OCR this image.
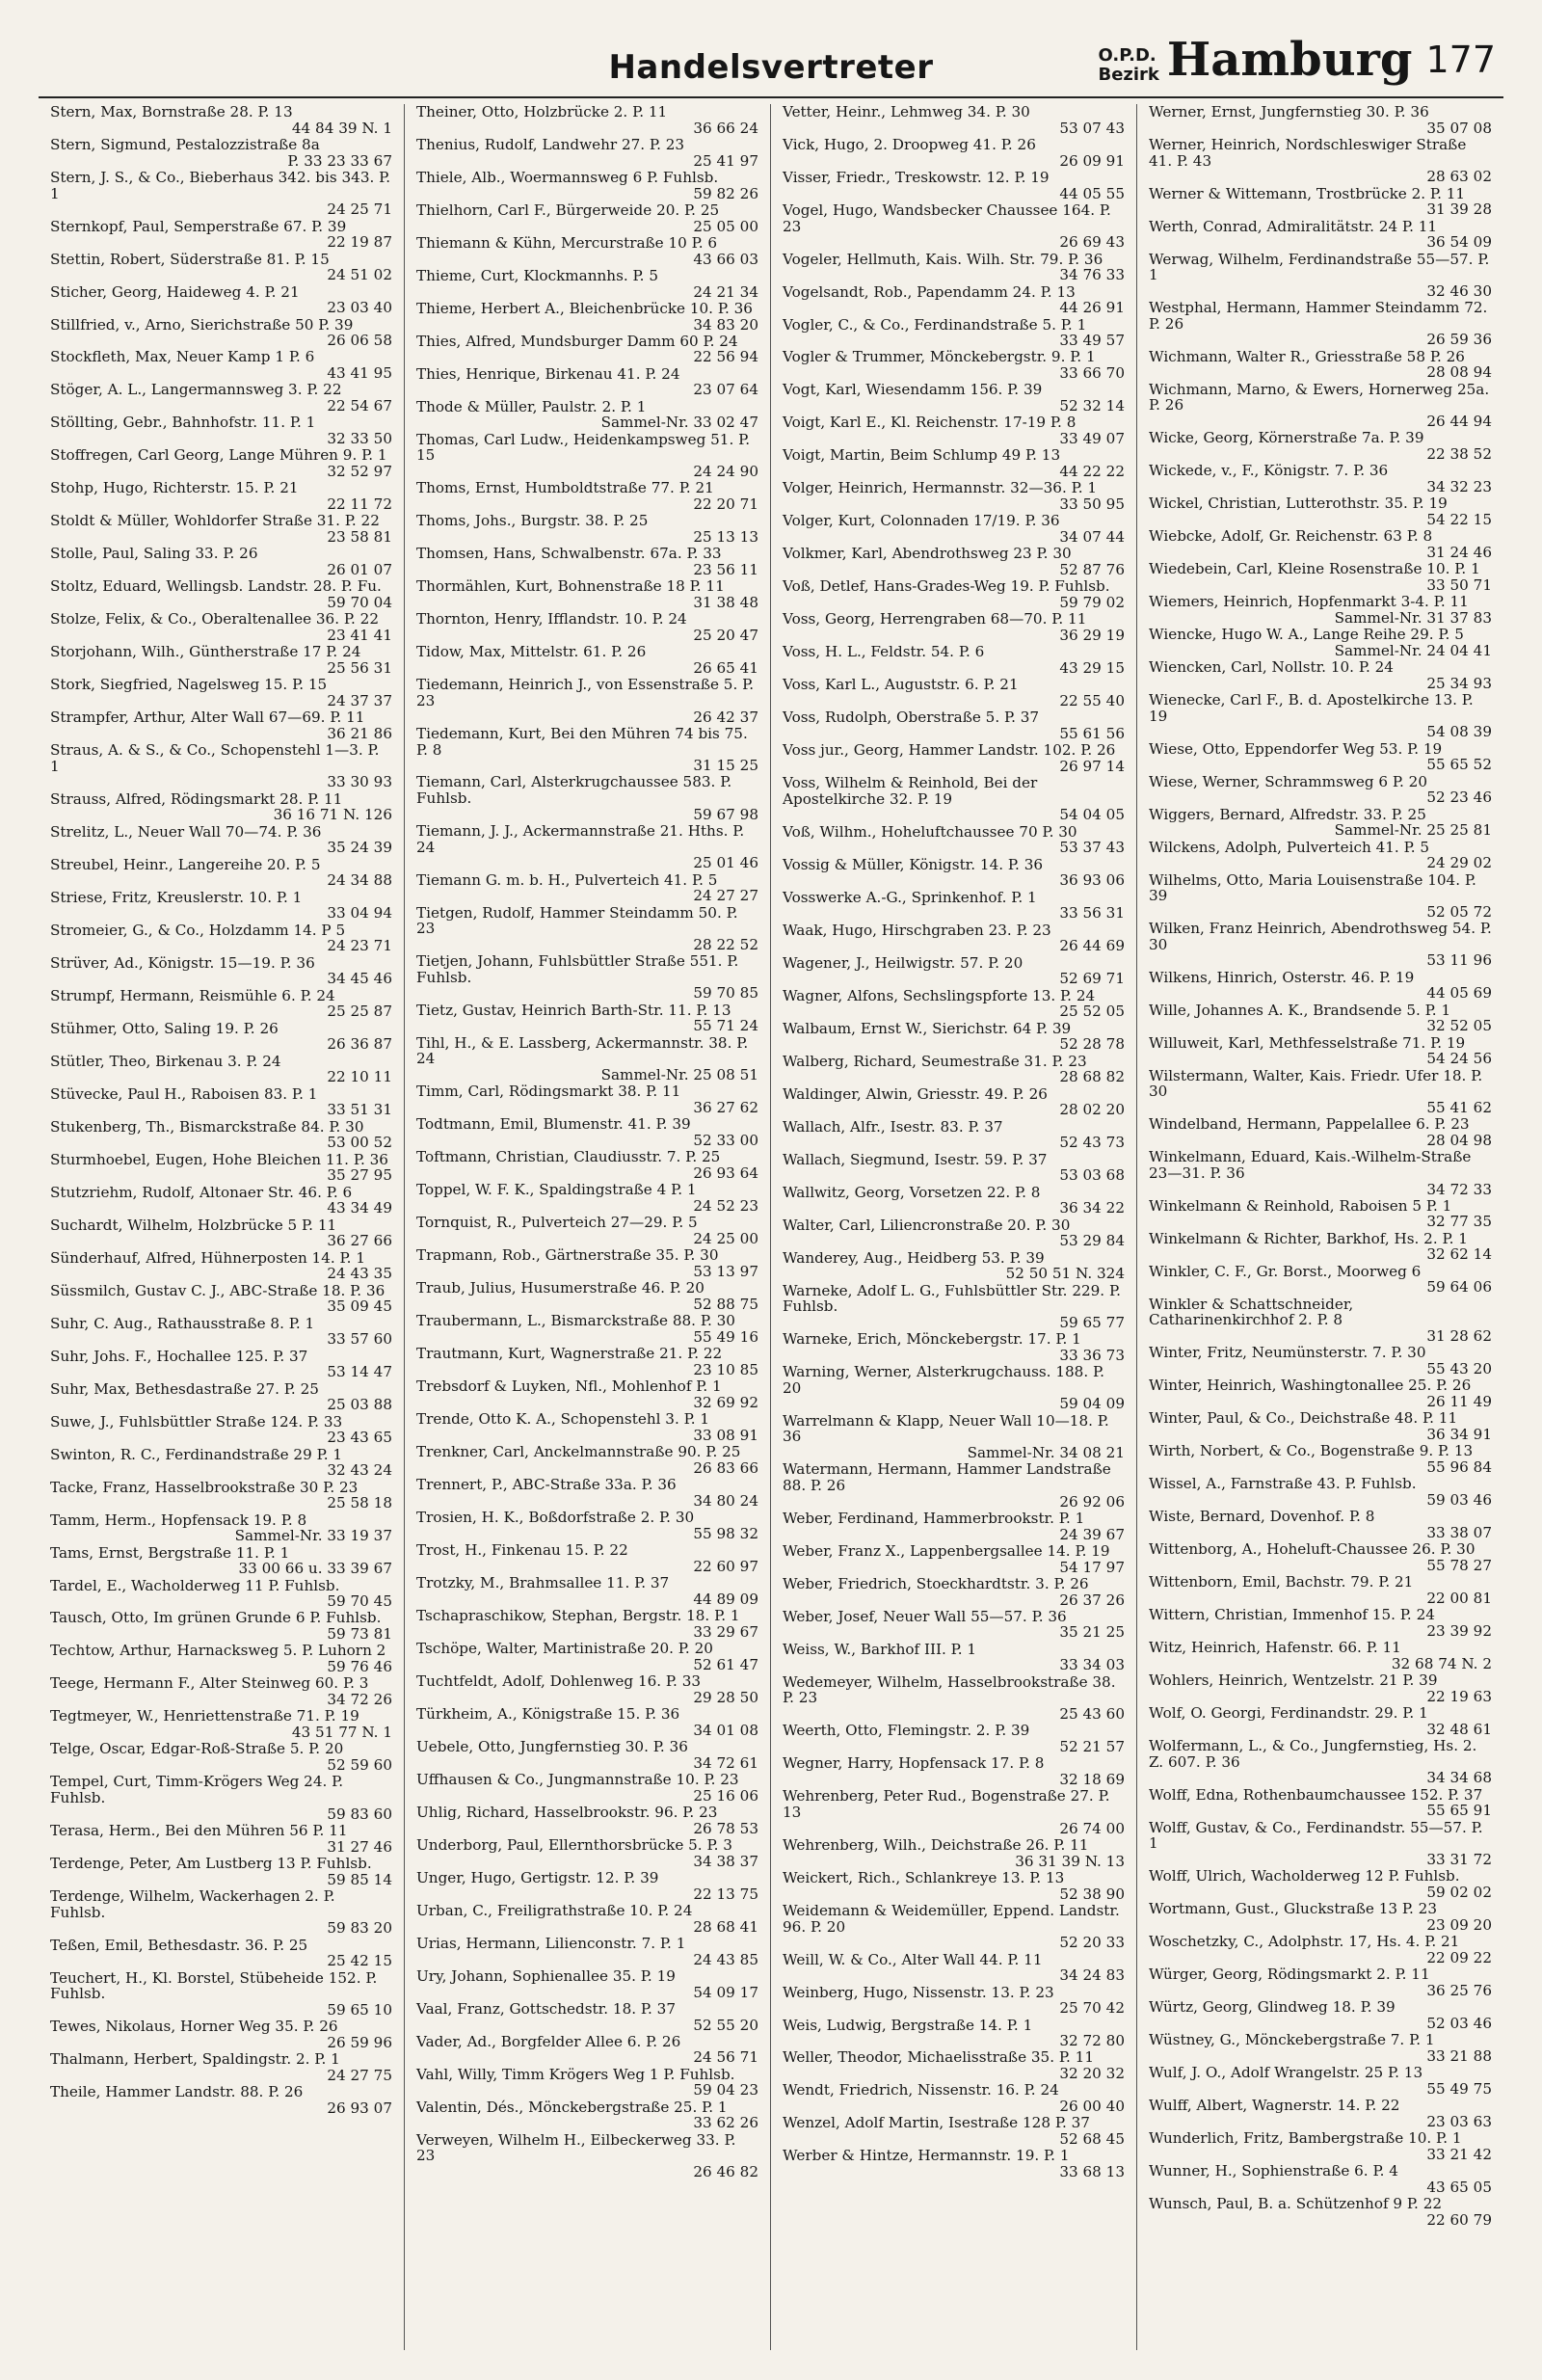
Handelsvertreter	O.P.D.
Bezirk Hamburg 177
Stern, Max, Bornstraße 28. P. 13
44 84 39 N. 1
Stern, Sigmund, Pestalozzistraße 8a
P. 33 23 33 67
Stern, J. S., & Co., Bieberhaus 342. bis 343. P. 1
24 25 71
Sternkopf, Paul, Semperstraße 67. P. 39
22 19 87
Stettin, Robert, Süderstraße 81. P. 15
24 51 02
Sticher, Georg, Haideweg 4. P. 21
23 03 40
Stillfried, v., Arno, Sierichstraße 50 P. 39
26 06 58
Stockfleth, Max, Neuer Kamp 1 P. 6
43 41 95
Stöger, A. L., Langermannsweg 3. P. 22
22 54 67
Stöllting, Gebr., Bahnhofstr. 11. P. 1
32 33 50
Stoffregen, Carl Georg, Lange Mühren 9. P. 1
32 52 97
Stohp, Hugo, Richterstr. 15. P. 21
22 11 72
Stoldt & Müller, Wohldorfer Straße 31. P. 22
23 58 81
Stolle, Paul, Saling 33. P. 26
26 01 07
Stoltz, Eduard, Wellingsb. Landstr. 28. P. Fu.
59 70 04
Stolze, Felix, & Co., Oberaltenallee 36. P. 22
23 41 41
Storjohann, Wilh., Güntherstraße 17 P. 24
25 56 31
Stork, Siegfried, Nagelsweg 15. P. 15
24 37 37
Strampfer, Arthur, Alter Wall 67—69. P. 11
36 21 86
Straus, A. & S., & Co., Schopenstehl 1—3. P. 1
33 30 93
Strauss, Alfred, Rödingsmarkt 28. P. 11
36 16 71 N. 126
Strelitz, L., Neuer Wall 70—74. P. 36
35 24 39
Streubel, Heinr., Langereihe 20. P. 5
24 34 88
Striese, Fritz, Kreuslerstr. 10. P. 1
33 04 94
Stromeier, G., & Co., Holzdamm 14. P 5
24 23 71
Strüver, Ad., Königstr. 15—19. P. 36
34 45 46
Strumpf, Hermann, Reismühle 6. P. 24
25 25 87
Stühmer, Otto, Saling 19. P. 26
26 36 87
Stütler, Theo, Birkenau 3. P. 24
22 10 11
Stüvecke, Paul H., Raboisen 83. P. 1
33 51 31
Stukenberg, Th., Bismarckstraße 84. P. 30
53 00 52
Sturmhoebel, Eugen, Hohe Bleichen 11. P. 36
35 27 95
Stutzriehm, Rudolf, Altonaer Str. 46. P. 6
43 34 49
Suchardt, Wilhelm, Holzbrücke 5 P. 11
36 27 66
Sünderhauf, Alfred, Hühnerposten 14. P. 1
24 43 35
Süssmilch, Gustav C. J., ABC-Straße 18. P. 36
35 09 45
Suhr, C. Aug., Rathausstraße 8. P. 1
33 57 60
Suhr, Johs. F., Hochallee 125. P. 37
53 14 47
Suhr, Max, Bethesdastraße 27. P. 25
25 03 88
Suwe, J., Fuhlsbüttler Straße 124. P. 33
23 43 65
Swinton, R. C., Ferdinandstraße 29 P. 1
32 43 24
Tacke, Franz, Hasselbrookstraße 30 P. 23
25 58 18
Tamm, Herm., Hopfensack 19. P. 8
Sammel-Nr. 33 19 37
Tams, Ernst, Bergstraße 11. P. 1
33 00 66 u. 33 39 67
Tardel, E., Wacholderweg 11 P. Fuhlsb.
59 70 45
Tausch, Otto, Im grünen Grunde 6 P. Fuhlsb.
59 73 81
Techtow, Arthur, Harnacksweg 5. P. Luhorn 2
59 76 46
Teege, Hermann F., Alter Steinweg 60. P. 3
34 72 26
Tegtmeyer, W., Henriettenstraße 71. P. 19
43 51 77 N. 1
Telge, Oscar, Edgar-Roß-Straße 5. P. 20
52 59 60
Tempel, Curt, Timm-Krögers Weg 24. P. Fuhlsb.
59 83 60
Terasa, Herm., Bei den Mühren 56 P. 11
31 27 46
Terdenge, Peter, Am Lustberg 13 P. Fuhlsb.
59 85 14
Terdenge, Wilhelm, Wackerhagen 2. P. Fuhlsb.
59 83 20
Teßen, Emil, Bethesdastr. 36. P. 25
25 42 15
Teuchert, H., Kl. Borstel, Stübeheide 152. P. Fuhlsb.
59 65 10
Tewes, Nikolaus, Horner Weg 35. P. 26
26 59 96
Thalmann, Herbert, Spaldingstr. 2. P. 1
24 27 75
Theile, Hammer Landstr. 88. P. 26
26 93 07
Theiner, Otto, Holzbrücke 2. P. 11
36 66 24
Thenius, Rudolf, Landwehr 27. P. 23
25 41 97
Thiele, Alb., Woermannsweg 6 P. Fuhlsb.
59 82 26
Thielhorn, Carl F., Bürgerweide 20. P. 25
25 05 00
Thiemann & Kühn, Mercurstraße 10 P. 6
43 66 03
Thieme, Curt, Klockmannhs. P. 5
24 21 34
Thieme, Herbert A., Bleichenbrücke 10. P. 36
34 83 20
Thies, Alfred, Mundsburger Damm 60 P. 24
22 56 94
Thies, Henrique, Birkenau 41. P. 24
23 07 64
Thode & Müller, Paulstr. 2. P. 1
Sammel-Nr. 33 02 47
Thomas, Carl Ludw., Heidenkampsweg 51. P. 15
24 24 90
Thoms, Ernst, Humboldtstraße 77. P. 21
22 20 71
Thoms, Johs., Burgstr. 38. P. 25
25 13 13
Thomsen, Hans, Schwalbenstr. 67a. P. 33
23 56 11
Thormählen, Kurt, Bohnenstraße 18 P. 11
31 38 48
Thornton, Henry, Ifflandstr. 10. P. 24
25 20 47
Tidow, Max, Mittelstr. 61. P. 26
26 65 41
Tiedemann, Heinrich J., von Essenstraße 5. P. 23
26 42 37
Tiedemann, Kurt, Bei den Mühren 74 bis 75. P. 8
31 15 25
Tiemann, Carl, Alsterkrugchaussee 583. P. Fuhlsb.
59 67 98
Tiemann, J. J., Ackermannstraße 21. Hths. P. 24
25 01 46
Tiemann G. m. b. H., Pulverteich 41. P. 5
24 27 27
Tietgen, Rudolf, Hammer Steindamm 50. P. 23
28 22 52
Tietjen, Johann, Fuhlsbüttler Straße 551. P. Fuhlsb.
59 70 85
Tietz, Gustav, Heinrich Barth-Str. 11. P. 13
55 71 24
Tihl, H., & E. Lassberg, Ackermannstr. 38. P. 24
Sammel-Nr. 25 08 51
Timm, Carl, Rödingsmarkt 38. P. 11
36 27 62
Todtmann, Emil, Blumenstr. 41. P. 39
52 33 00
Toftmann, Christian, Claudiusstr. 7. P. 25
26 93 64
Toppel, W. F. K., Spaldingstraße 4 P. 1
24 52 23
Tornquist, R., Pulverteich 27—29. P. 5
24 25 00
Trapmann, Rob., Gärtnerstraße 35. P. 30
53 13 97
Traub, Julius, Husumerstraße 46. P. 20
52 88 75
Traubermann, L., Bismarckstraße 88. P. 30
55 49 16
Trautmann, Kurt, Wagnerstraße 21. P. 22
23 10 85
Trebsdorf & Luyken, Nfl., Mohlenhof P. 1
32 69 92
Trende, Otto K. A., Schopenstehl 3. P. 1
33 08 91
Trenkner, Carl, Anckelmannstraße 90. P. 25
26 83 66
Trennert, P., ABC-Straße 33a. P. 36
34 80 24
Trosien, H. K., Boßdorfstraße 2. P. 30
55 98 32
Trost, H., Finkenau 15. P. 22
22 60 97
Trotzky, M., Brahmsallee 11. P. 37
44 89 09
Tschapraschikow, Stephan, Bergstr. 18. P. 1
33 29 67
Tschöpe, Walter, Martinistraße 20. P. 20
52 61 47
Tuchtfeldt, Adolf, Dohlenweg 16. P. 33
29 28 50
Türkheim, A., Königstraße 15. P. 36
34 01 08
Uebele, Otto, Jungfernstieg 30. P. 36
34 72 61
Uffhausen & Co., Jungmannstraße 10. P. 23
25 16 06
Uhlig, Richard, Hasselbrookstr. 96. P. 23
26 78 53
Underborg, Paul, Ellernthorsbrücke 5. P. 3
34 38 37
Unger, Hugo, Gertigstr. 12. P. 39
22 13 75
Urban, C., Freiligrathstraße 10. P. 24
28 68 41
Urias, Hermann, Lilienconstr. 7. P. 1
24 43 85
Ury, Johann, Sophienallee 35. P. 19
54 09 17
Vaal, Franz, Gottschedstr. 18. P. 37
52 55 20
Vader, Ad., Borgfelder Allee 6. P. 26
24 56 71
Vahl, Willy, Timm Krögers Weg 1 P. Fuhlsb.
59 04 23
Valentin, Dés., Mönckebergstraße 25. P. 1
33 62 26
Verweyen, Wilhelm H., Eilbeckerweg 33. P. 23
26 46 82
Vetter, Heinr., Lehmweg 34. P. 30
53 07 43
Vick, Hugo, 2. Droopweg 41. P. 26
26 09 91
Visser, Friedr., Treskowstr. 12. P. 19
44 05 55
Vogel, Hugo, Wandsbecker Chaussee 164. P. 23
26 69 43
Vogeler, Hellmuth, Kais. Wilh. Str. 79. P. 36
34 76 33
Vogelsandt, Rob., Papendamm 24. P. 13
44 26 91
Vogler, C., & Co., Ferdinandstraße 5. P. 1
33 49 57
Vogler & Trummer, Mönckebergstr. 9. P. 1
33 66 70
Vogt, Karl, Wiesendamm 156. P. 39
52 32 14
Voigt, Karl E., Kl. Reichenstr. 17-19 P. 8
33 49 07
Voigt, Martin, Beim Schlump 49 P. 13
44 22 22
Volger, Heinrich, Hermannstr. 32—36. P. 1
33 50 95
Volger, Kurt, Colonnaden 17/19. P. 36
34 07 44
Volkmer, Karl, Abendrothsweg 23 P. 30
52 87 76
Voß, Detlef, Hans-Grades-Weg 19. P. Fuhlsb.
59 79 02
Voss, Georg, Herrengraben 68—70. P. 11
36 29 19
Voss, H. L., Feldstr. 54. P. 6
43 29 15
Voss, Karl L., Auguststr. 6. P. 21
22 55 40
Voss, Rudolph, Oberstraße 5. P. 37
55 61 56
Voss jur., Georg, Hammer Landstr. 102. P. 26
26 97 14
Voss, Wilhelm & Reinhold, Bei der Apostelkirche 32. P. 19
54 04 05
Voß, Wilhm., Hoheluftchaussee 70 P. 30
53 37 43
Vossig & Müller, Königstr. 14. P. 36
36 93 06
Vosswerke A.-G., Sprinkenhof. P. 1
33 56 31
Waak, Hugo, Hirschgraben 23. P. 23
26 44 69
Wagener, J., Heilwigstr. 57. P. 20
52 69 71
Wagner, Alfons, Sechslingspforte 13. P. 24
25 52 05
Walbaum, Ernst W., Sierichstr. 64 P. 39
52 28 78
Walberg, Richard, Seumestraße 31. P. 23
28 68 82
Waldinger, Alwin, Griesstr. 49. P. 26
28 02 20
Wallach, Alfr., Isestr. 83. P. 37
52 43 73
Wallach, Siegmund, Isestr. 59. P. 37
53 03 68
Wallwitz, Georg, Vorsetzen 22. P. 8
36 34 22
Walter, Carl, Liliencronstraße 20. P. 30
53 29 84
Wanderey, Aug., Heidberg 53. P. 39
52 50 51 N. 324
Warneke, Adolf L. G., Fuhlsbüttler Str. 229. P. Fuhlsb.
59 65 77
Warneke, Erich, Mönckebergstr. 17. P. 1
33 36 73
Warning, Werner, Alsterkrugchauss. 188. P. 20
59 04 09
Warrelmann & Klapp, Neuer Wall 10—18. P. 36
Sammel-Nr. 34 08 21
Watermann, Hermann, Hammer Landstraße 88. P. 26
26 92 06
Weber, Ferdinand, Hammerbrookstr. P. 1
24 39 67
Weber, Franz X., Lappenbergsallee 14. P. 19
54 17 97
Weber, Friedrich, Stoeckhardtstr. 3. P. 26
26 37 26
Weber, Josef, Neuer Wall 55—57. P. 36
35 21 25
Weiss, W., Barkhof III. P. 1
33 34 03
Wedemeyer, Wilhelm, Hasselbrookstraße 38. P. 23
25 43 60
Weerth, Otto, Flemingstr. 2. P. 39
52 21 57
Wegner, Harry, Hopfensack 17. P. 8
32 18 69
Wehrenberg, Peter Rud., Bogenstraße 27. P. 13
26 74 00
Wehrenberg, Wilh., Deichstraße 26. P. 11
36 31 39 N. 13
Weickert, Rich., Schlankreye 13. P. 13
52 38 90
Weidemann & Weidemüller, Eppend. Landstr. 96. P. 20
52 20 33
Weill, W. & Co., Alter Wall 44. P. 11
34 24 83
Weinberg, Hugo, Nissenstr. 13. P. 23
25 70 42
Weis, Ludwig, Bergstraße 14. P. 1
32 72 80
Weller, Theodor, Michaelisstraße 35. P. 11
32 20 32
Wendt, Friedrich, Nissenstr. 16. P. 24
26 00 40
Wenzel, Adolf Martin, Isestraße 128 P. 37
52 68 45
Werber & Hintze, Hermannstr. 19. P. 1
33 68 13
Werner, Ernst, Jungfernstieg 30. P. 36
35 07 08
Werner, Heinrich, Nordschleswiger Straße 41. P. 43
28 63 02
Werner & Wittemann, Trostbrücke 2. P. 11
31 39 28
Werth, Conrad, Admiralitätstr. 24 P. 11
36 54 09
Werwag, Wilhelm, Ferdinandstraße 55—57. P. 1
32 46 30
Westphal, Hermann, Hammer Steindamm 72. P. 26
26 59 36
Wichmann, Walter R., Griesstraße 58 P. 26
28 08 94
Wichmann, Marno, & Ewers, Hornerweg 25a. P. 26
26 44 94
Wicke, Georg, Körnerstraße 7a. P. 39
22 38 52
Wickede, v., F., Königstr. 7. P. 36
34 32 23
Wickel, Christian, Lutterothstr. 35. P. 19
54 22 15
Wiebcke, Adolf, Gr. Reichenstr. 63 P. 8
31 24 46
Wiedebein, Carl, Kleine Rosenstraße 10. P. 1
33 50 71
Wiemers, Heinrich, Hopfenmarkt 3-4. P. 11
Sammel-Nr. 31 37 83
Wiencke, Hugo W. A., Lange Reihe 29. P. 5
Sammel-Nr. 24 04 41
Wiencken, Carl, Nollstr. 10. P. 24
25 34 93
Wienecke, Carl F., B. d. Apostelkirche 13. P. 19
54 08 39
Wiese, Otto, Eppendorfer Weg 53. P. 19
55 65 52
Wiese, Werner, Schrammsweg 6 P. 20
52 23 46
Wiggers, Bernard, Alfredstr. 33. P. 25
Sammel-Nr. 25 25 81
Wilckens, Adolph, Pulverteich 41. P. 5
24 29 02
Wilhelms, Otto, Maria Louisenstraße 104. P. 39
52 05 72
Wilken, Franz Heinrich, Abendrothsweg 54. P. 30
53 11 96
Wilkens, Hinrich, Osterstr. 46. P. 19
44 05 69
Wille, Johannes A. K., Brandsende 5. P. 1
32 52 05
Willuweit, Karl, Methfesselstraße 71. P. 19
54 24 56
Wilstermann, Walter, Kais. Friedr. Ufer 18. P. 30
55 41 62
Windelband, Hermann, Pappelallee 6. P. 23
28 04 98
Winkelmann, Eduard, Kais.-Wilhelm-Straße 23—31. P. 36
34 72 33
Winkelmann & Reinhold, Raboisen 5 P. 1
32 77 35
Winkelmann & Richter, Barkhof, Hs. 2. P. 1
32 62 14
Winkler, C. F., Gr. Borst., Moorweg 6
59 64 06
Winkler & Schattschneider, Catharinenkirchhof 2. P. 8
31 28 62
Winter, Fritz, Neumünsterstr. 7. P. 30
55 43 20
Winter, Heinrich, Washingtonallee 25. P. 26
26 11 49
Winter, Paul, & Co., Deichstraße 48. P. 11
36 34 91
Wirth, Norbert, & Co., Bogenstraße 9. P. 13
55 96 84
Wissel, A., Farnstraße 43. P. Fuhlsb.
59 03 46
Wiste, Bernard, Dovenhof. P. 8
33 38 07
Wittenborg, A., Hoheluft-Chaussee 26. P. 30
55 78 27
Wittenborn, Emil, Bachstr. 79. P. 21
22 00 81
Wittern, Christian, Immenhof 15. P. 24
23 39 92
Witz, Heinrich, Hafenstr. 66. P. 11
32 68 74 N. 2
Wohlers, Heinrich, Wentzelstr. 21 P. 39
22 19 63
Wolf, O. Georgi, Ferdinandstr. 29. P. 1
32 48 61
Wolfermann, L., & Co., Jungfernstieg, Hs. 2. Z. 607. P. 36
34 34 68
Wolff, Edna, Rothenbaumchaussee 152. P. 37
55 65 91
Wolff, Gustav, & Co., Ferdinandstr. 55—57. P. 1
33 31 72
Wolff, Ulrich, Wacholderweg 12 P. Fuhlsb.
59 02 02
Wortmann, Gust., Gluckstraße 13 P. 23
23 09 20
Woschetzky, C., Adolphstr. 17, Hs. 4. P. 21
22 09 22
Würger, Georg, Rödingsmarkt 2. P. 11
36 25 76
Würtz, Georg, Glindweg 18. P. 39
52 03 46
Wüstney, G., Mönckebergstraße 7. P. 1
33 21 88
Wulf, J. O., Adolf Wrangelstr. 25 P. 13
55 49 75
Wulff, Albert, Wagnerstr. 14. P. 22
23 03 63
Wunderlich, Fritz, Bambergstraße 10. P. 1
33 21 42
Wunner, H., Sophienstraße 6. P. 4
43 65 05
Wunsch, Paul, B. a. Schützenhof 9 P. 22
22 60 79
